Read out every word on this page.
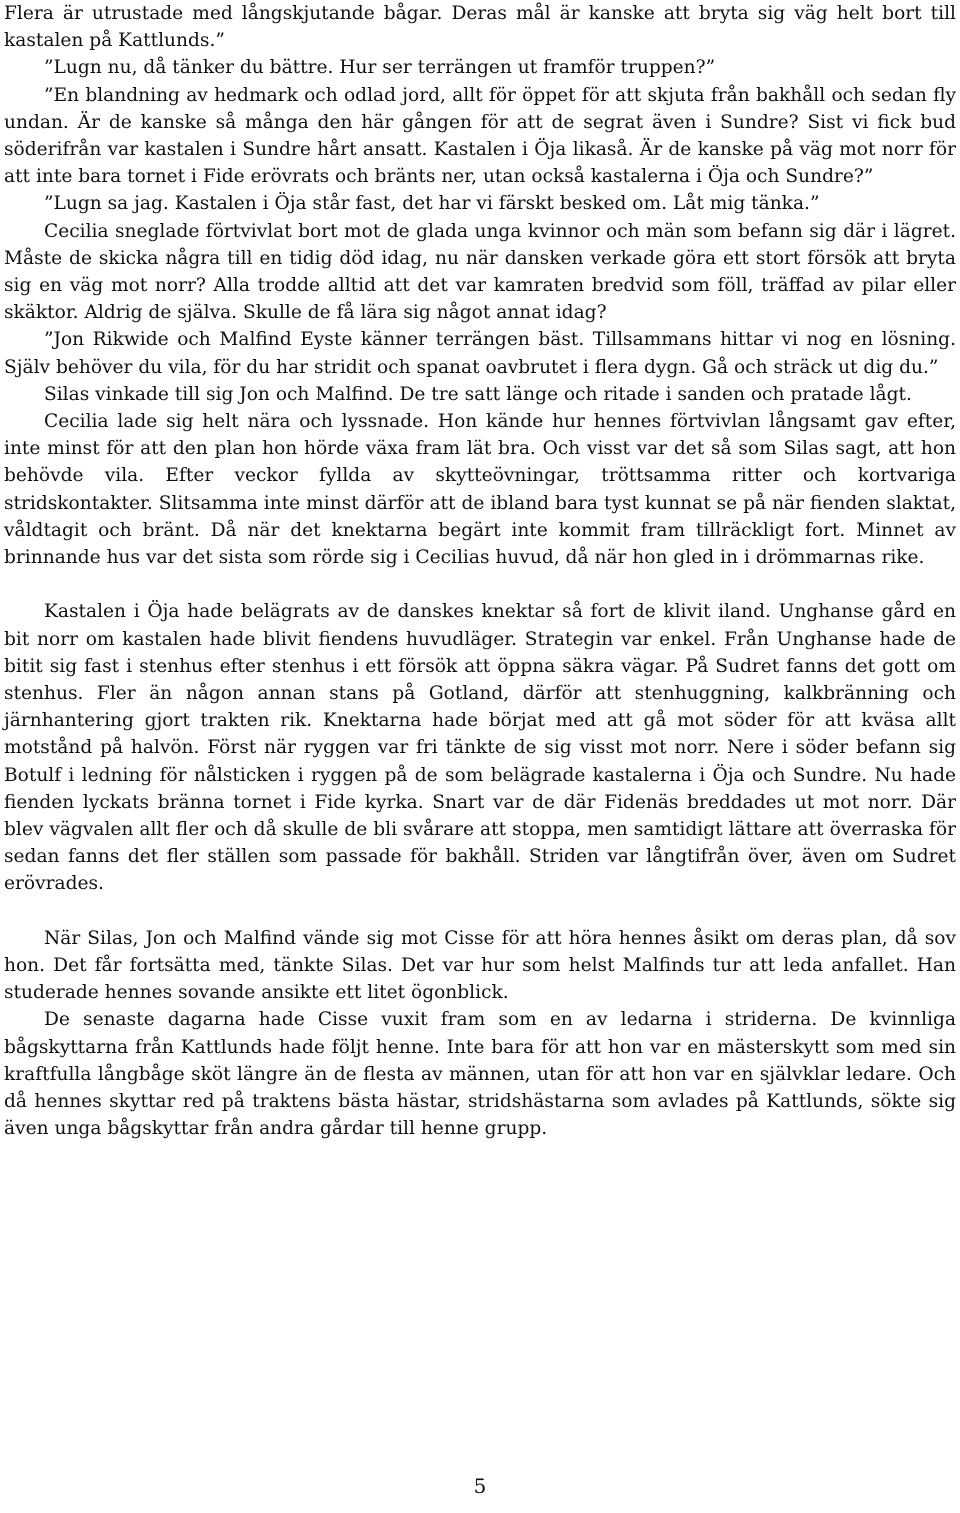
Flera är utrustade med långskjutande bågar. Deras mål är kanske att bryta sig väg helt bort till kastalen på Kattlunds.”

”Lugn nu, då tänker du bättre. Hur ser terrängen ut framför truppen?”

”En blandning av hedmark och odlad jord, allt för öppet för att skjuta från bakhåll och sedan fly undan. Är de kanske så många den här gången för att de segrat även i Sundre? Sist vi fick bud söderifrån var kastalen i Sundre hårt ansatt. Kastalen i Öja likaså. Är de kanske på väg mot norr för att inte bara tornet i Fide erövrats och bränts ner, utan också kastalerna i Öja och Sundre?”

”Lugn sa jag. Kastalen i Öja står fast, det har vi färskt besked om. Låt mig tänka.”

Cecilia sneglade förtvivlat bort mot de glada unga kvinnor och män som befann sig där i lägret. Måste de skicka några till en tidig död idag, nu när dansken verkade göra ett stort försök att bryta sig en väg mot norr? Alla trodde alltid att det var kamraten bredvid som föll, träffad av pilar eller skäktor. Aldrig de själva. Skulle de få lära sig något annat idag?

”Jon Rikwide och Malfind Eyste känner terrängen bäst. Tillsammans hittar vi nog en lösning. Själv behöver du vila, för du har stridit och spanat oavbrutet i flera dygn. Gå och sträck ut dig du.”

Silas vinkade till sig Jon och Malfind. De tre satt länge och ritade i sanden och pratade lågt.

Cecilia lade sig helt nära och lyssnade. Hon kände hur hennes förtvivlan långsamt gav efter, inte minst för att den plan hon hörde växa fram lät bra. Och visst var det så som Silas sagt, att hon behövde vila. Efter veckor fyllda av skytteövningar, tröttsamma ritter och kortvariga stridskontakter. Slitsamma inte minst därför att de ibland bara tyst kunnat se på när fienden slaktat, våldtagit och bränt. Då när det knektarna begärt inte kommit fram tillräckligt fort. Minnet av brinnande hus var det sista som rörde sig i Cecilias huvud, då när hon gled in i drömmarnas rike.

Kastalen i Öja hade belägrats av de danskes knektar så fort de klivit iland. Unghanse gård en bit norr om kastalen hade blivit fiendens huvudläger. Strategin var enkel. Från Unghanse hade de bitit sig fast i stenhus efter stenhus i ett försök att öppna säkra vägar. På Sudret fanns det gott om stenhus. Fler än någon annan stans på Gotland, därför att stenhuggning, kalkbränning och järnhantering gjort trakten rik. Knektarna hade börjat med att gå mot söder för att kväsa allt motstånd på halvön. Först när ryggen var fri tänkte de sig visst mot norr. Nere i söder befann sig Botulf i ledning för nålsticken i ryggen på de som belägrade kastalerna i Öja och Sundre. Nu hade fienden lyckats bränna tornet i Fide kyrka. Snart var de där Fidenäs breddades ut mot norr. Där blev vägvalen allt fler och då skulle de bli svårare att stoppa, men samtidigt lättare att överraska för sedan fanns det fler ställen som passade för bakhåll. Striden var långtifrån över, även om Sudret erövrades.

När Silas, Jon och Malfind vände sig mot Cisse för att höra hennes åsikt om deras plan, då sov hon. Det får fortsätta med, tänkte Silas. Det var hur som helst Malfinds tur att leda anfallet. Han studerade hennes sovande ansikte ett litet ögonblick.

De senaste dagarna hade Cisse vuxit fram som en av ledarna i striderna. De kvinnliga bågskyttarna från Kattlunds hade följt henne. Inte bara för att hon var en mästerskytt som med sin kraftfulla långbåge sköt längre än de flesta av männen, utan för att hon var en självklar ledare. Och då hennes skyttar red på traktens bästa hästar, stridshästarna som avlades på Kattlunds, sökte sig även unga bågskyttar från andra gårdar till henne grupp.

5
